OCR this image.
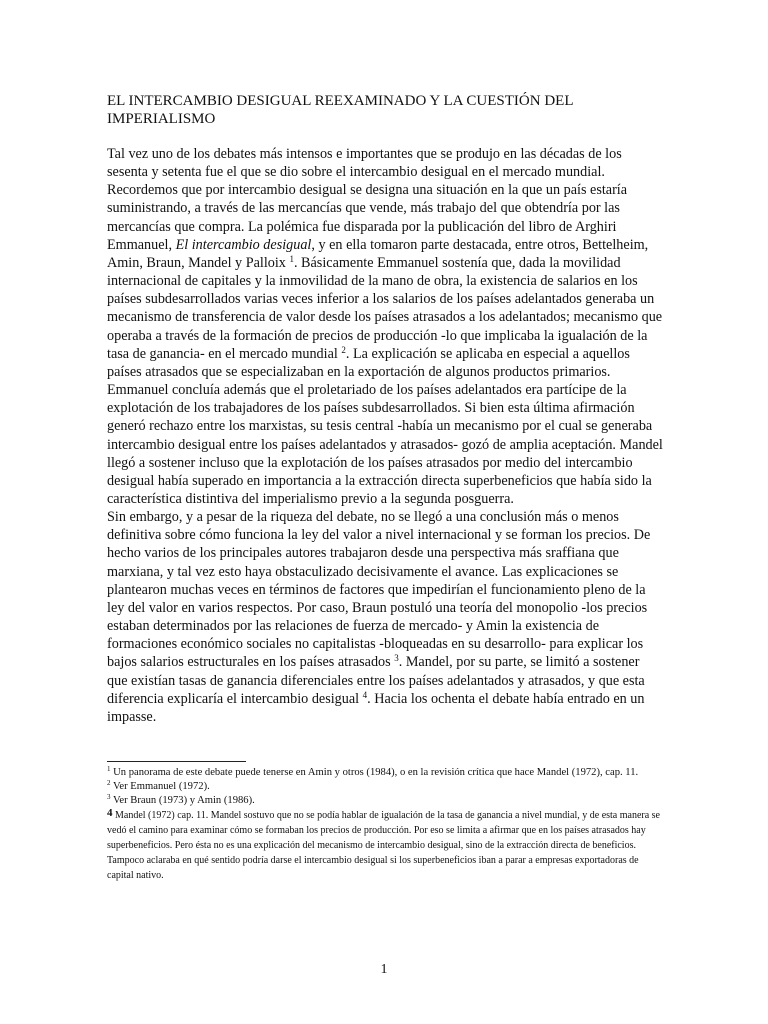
EL INTERCAMBIO DESIGUAL REEXAMINADO Y LA CUESTIÓN DEL IMPERIALISMO

Tal vez uno de los debates más intensos e importantes que se produjo en las décadas de los sesenta y setenta fue el que se dio sobre el intercambio desigual en el mercado mundial. Recordemos que por intercambio desigual se designa una situación en la que un país estaría suministrando, a través de las mercancías que vende, más trabajo del que obtendría por las mercancías que compra. La polémica fue disparada por la publicación del libro de Arghiri Emmanuel, El intercambio desigual, y en ella tomaron parte destacada, entre otros, Bettelheim, Amin, Braun, Mandel y Palloix $^1$. Básicamente Emmanuel sostenía que, dada la movilidad internacional de capitales y la inmovilidad de la mano de obra, la existencia de salarios en los países subdesarrollados varias veces inferior a los salarios de los países adelantados generaba un mecanismo de transferencia de valor desde los países atrasados a los adelantados; mecanismo que operaba a través de la formación de precios de producción -lo que implicaba la igualación de la tasa de ganancia- en el mercado mundial $^2$. La explicación se aplicaba en especial a aquellos países atrasados que se especializaban en la exportación de algunos productos primarios. Emmanuel concluía además que el proletariado de los países adelantados era partícipe de la explotación de los trabajadores de los países subdesarrollados. Si bien esta última afirmación generó rechazo entre los marxistas, su tesis central -había un mecanismo por el cual se generaba intercambio desigual entre los países adelantados y atrasados- gozó de amplia aceptación. Mandel llegó a sostener incluso que la explotación de los países atrasados por medio del intercambio desigual había superado en importancia a la extracción directa superbeneficios que había sido la característica distintiva del imperialismo previo a la segunda posguerra.

Sin embargo, y a pesar de la riqueza del debate, no se llegó a una conclusión más o menos definitiva sobre cómo funciona la ley del valor a nivel internacional y se forman los precios. De hecho varios de los principales autores trabajaron desde una perspectiva más sraffiana que marxiana, y tal vez esto haya obstaculizado decisivamente el avance. Las explicaciones se plantearon muchas veces en términos de factores que impedirían el funcionamiento pleno de la ley del valor en varios respectos. Por caso, Braun postuló una teoría del monopolio -los precios estaban determinados por las relaciones de fuerza de mercado- y Amin la existencia de formaciones económico sociales no capitalistas -bloqueadas en su desarrollo- para explicar los bajos salarios estructurales en los países atrasados $^3$. Mandel, por su parte, se limitó a sostener que existían tasas de ganancia diferenciales entre los países adelantados y atrasados, y que esta diferencia explicaría el intercambio desigual $^4$. Hacia los ochenta el debate había entrado en un impasse.

$^1$ Un panorama de este debate puede tenerse en Amin y otros (1984), o en la revisión crítica que hace Mandel (1972), cap. 11.

$^2$ Ver Emmanuel (1972).

$^3$ Ver Braun (1973) y Amin (1986).

$^4$ Mandel (1972) cap. 11. Mandel sostuvo que no se podía hablar de igualación de la tasa de ganancia a nivel mundial, y de esta manera se vedó el camino para examinar cómo se formaban los precios de producción. Por eso se limita a afirmar que en los países atrasados hay superbeneficios. Pero ésta no es una explicación del mecanismo de intercambio desigual, sino de la extracción directa de beneficios. Tampoco aclaraba en qué sentido podría darse el intercambio desigual si los superbeneficios iban a parar a empresas exportadoras de capital nativo.

1
